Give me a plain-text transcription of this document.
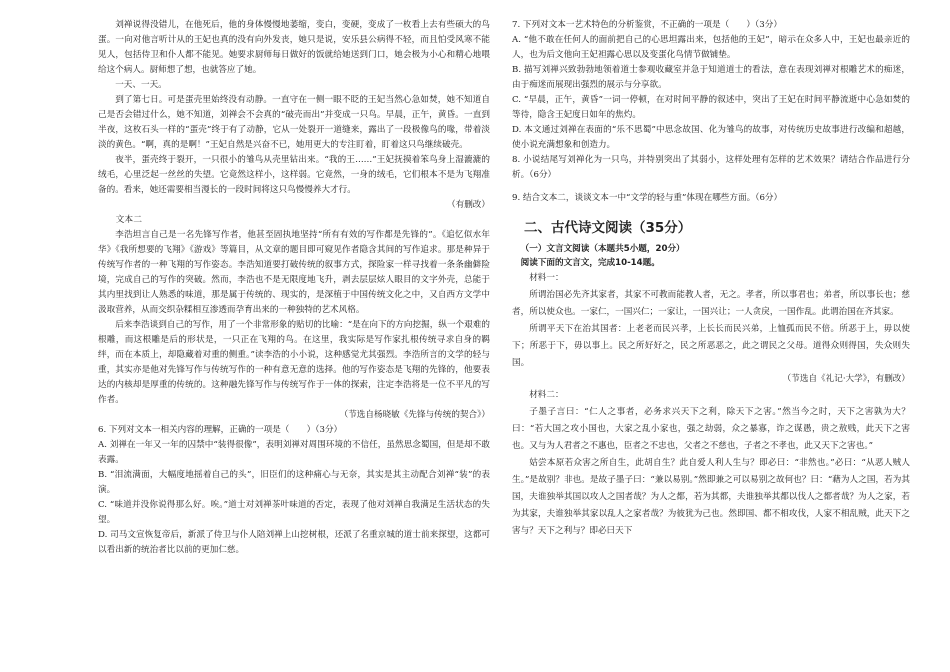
刘禅说得没错儿，在他死后，他的身体慢慢地萎缩，变白，变硬，变成了一枚看上去有些硕大的鸟蛋。一向对他言听计从的王妃也真的没有向外发丧，她只是说，安乐县公病得不轻，而且怕受风寒不能见人，包括侍卫和仆人都不能见。她要求厨师每日做好的饭就给她送到门口，她会极为小心和精心地喂给这个病人。厨师想了想，也就答应了她。

一天、一天。

到了第七日。可是蛋壳里始终没有动静。一直守在一侧一眼不眨的王妃当然心急如焚，她不知道自己是否会错过什么，她不知道，刘禅会不会真的“破壳而出”并变成一只鸟。早晨，正午，黄昏。一直到半夜，这枚石头一样的“蛋壳”终于有了动静，它从一处裂开一道缝来，露出了一段极像鸟的喙，带着淡淡的黄色。“啊，真的是啊！”王妃自然是兴奋不已，她用更大的专注盯着，盯着这只鸟继续破壳。

夜半，蛋壳终于裂开，一只很小的雏鸟从壳里钻出来。“我的王……”王妃抚摸着笨鸟身上湿漉漉的绒毛，心里泛起一丝丝的失望。它竟然这样小，这样弱。它竟然，一身的绒毛，它们根本不是为飞翔准备的。看来，她还需要相当漫长的一段时间将这只鸟慢慢养大才行。

（有删改）
文本二

李浩坦言自己是一名先锋写作者，他甚至固执地坚持“所有有效的写作都是先锋的”。《追忆似水年华》《我所想要的飞翔》《游戏》等篇目，从文章的题目即可窥见作者隐含其间的写作追求。那是种异于传统写作者的一种飞翔的写作姿态。李浩知道要打破传统的叙事方式，探险家一样寻找着一条条幽僻险境，完成自己的写作的突破。然而，李浩也不是无限度地飞升，剥去层层炫人眼目的文字外壳，总能于其内里找到让人熟悉的味道，那是属于传统的、现实的，是深植于中国传统文化之中，又自西方文学中汲取营养，从而交织杂糅相互渗透而孕育出来的一种独特的艺术风格。

后来李浩谈到自己的写作，用了一个非常形象的贴切的比喻：“是在向下的方向挖掘，纵一个艰难的根雕，而这根雕是后的形状是，一只正在飞翔的鸟。在这里，我实际是写作家扎根传统寻求自身的羁绊，而在本质上，却隐藏着对重的侧重。”读李浩的小小说，这种感觉尤其强烈。李浩所言的文学的轻与重，其实亦是他对先锋写作与传统写作的一种有意无意的选择。他的写作姿态是飞翔的先锋的，他要表达的内核却是厚重的传统的。这种融先锋写作与传统写作于一体的探索，注定李浩将是一位不平凡的写作者。

（节选自杨晓敏《先锋与传统的契合》）

6. 下列对文本一相关内容的理解，正确的一项是（　　）（3分）

A. 刘禅在一年又一年的囚禁中“装得很像”，表明刘禅对周围环境的不信任，虽然思念蜀国，但是却不敢表露。

B. “泪流满面，大幅度地摇着自己的头”，旧臣们的这种痛心与无奈，其实是其主动配合刘禅“装”的表演。

C. “味道并没你说得那么好。唉。”道士对刘禅茶叶味道的否定，表现了他对刘禅自我满足生活状态的失望。

D. 司马文宣恢复帝后，新派了侍卫与仆人陪刘禅上山挖树根，还派了名重京城的道士前来探望，这都可以看出新的统治者比以前的更加仁慈。

7. 下列对文本一艺术特色的分析鉴赏，不正确的一项是（　　）（3分）

A. “他不敢在任何人的面前把自己的心思坦露出来，包括他的王妃”，暗示在众多人中，王妃也最亲近的人，也为后文他向王妃袒露心思以及变蛋化鸟情节做铺垫。

B. 描写刘禅兴致勃勃地领着道士参观收藏室并急于知道道士的看法，意在表现刘禅对根雕艺术的痴迷，由于痴迷而展现出强烈的展示与分享欲。

C. “早晨，正午，黄昏”一词一停顿，在对时间平静的叙述中，突出了王妃在时间平静流逝中心急如焚的等待，隐含王妃度日如年的焦灼。

D. 本文通过刘禅在表面的“乐不思蜀”中思念故国、化为雏鸟的故事，对传统历史故事进行改编和超越，使小说充满想象和创造力。

8. 小说结尾写刘禅化为一只鸟，并特别突出了其弱小，这样处理有怎样的艺术效果？请结合作品进行分析。（6分）

9. 结合文本二，谈谈文本一中“文学的轻与重”体现在哪些方面。（6分）

二、古代诗文阅读（35分）
（一）文言文阅读（本题共5小题，20分）
阅读下面的文言文，完成10-14题。
材料一：

所谓治国必先齐其家者，其家不可教而能教人者，无之。孝者，所以事君也；弟者，所以事长也；慈者，所以使众也。一家仁，一国兴仁；一家让，一国兴让；一人贪戾，一国作乱。此谓治国在齐其家。

所谓平天下在治其国者：上老老而民兴孝，上长长而民兴弟，上恤孤而民不倍。所恶于上，毋以使下；所恶于下，毋以事上。民之所好好之，民之所恶恶之，此之谓民之父母。道得众则得国，失众则失国。

（节选自《礼记·大学》，有删改）
材料二：

子墨子言曰：“仁人之事者，必务求兴天下之利，除天下之害。”然当今之时，天下之害孰为大？曰：“若大国之攻小国也，大家之乱小家也，强之劫弱，众之暴寡，诈之谋愚，贵之敖贱，此天下之害也。又与为人君者之不惠也，臣者之不忠也，父者之不慈也，子者之不孝也，此又天下之害也。”

姑尝本原若众害之所自生，此胡自生？此自爱人利人生与？即必曰：“非然也。”必曰：“从恶人贼人生。”是故别？非也。是故子墨子曰：“兼以易别。”然即兼之可以易别之故何也？曰：“藉为人之国，若为其国，夫谁独举其国以攻人之国者哉？为人之都，若为其都，夫谁独举其都以伐人之都者哉？为人之家，若为其家，夫谁独举其家以乱人之家者哉？为彼犹为己也。然即国、都不相攻伐，人家不相乱贼，此天下之害与？天下之利与？即必曰天下
